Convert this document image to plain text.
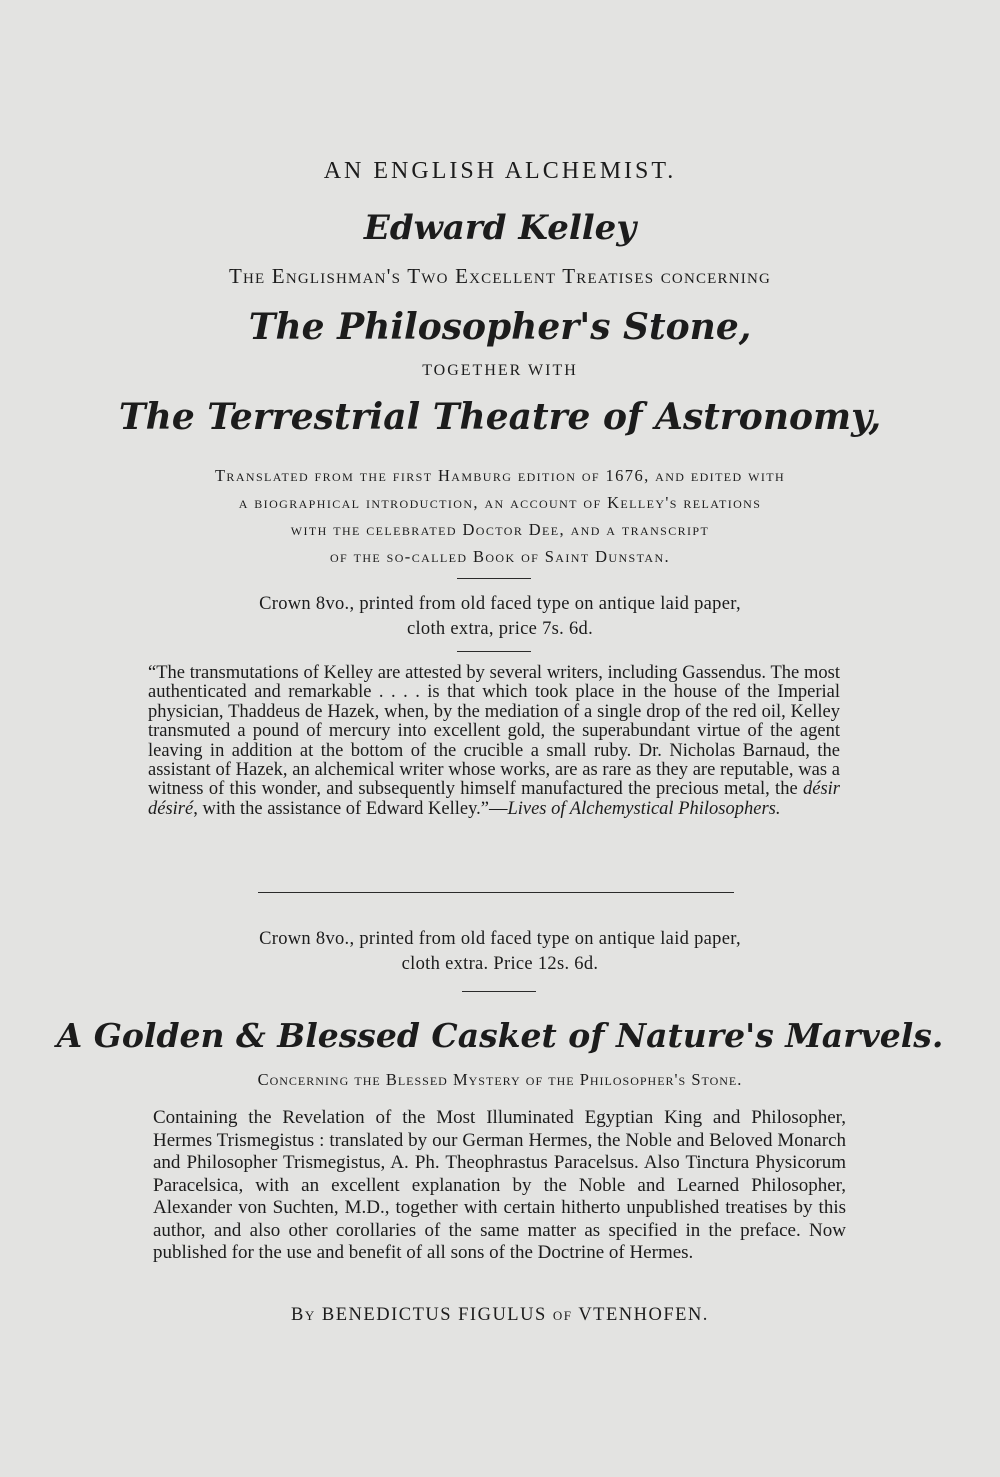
AN ENGLISH ALCHEMIST.

Edward Kelley

The Englishman's Two Excellent Treatises concerning

The Philosopher's Stone,

TOGETHER WITH

The Terrestrial Theatre of Astronomy,

Translated from the first Hamburg edition of 1676, and edited with
a biographical introduction, an account of Kelley's relations
with the celebrated Doctor Dee, and a transcript
of the so-called Book of Saint Dunstan.
Crown 8vo., printed from old faced type on antique laid paper,
cloth extra, price 7s. 6d.

“The transmutations of Kelley are attested by several writers, including Gassendus. The most authenticated and remarkable . . . . is that which took place in the house of the Imperial physician, Thaddeus de Hazek, when, by the mediation of a single drop of the red oil, Kelley transmuted a pound of mercury into excellent gold, the superabundant virtue of the agent leaving in addition at the bottom of the crucible a small ruby. Dr. Nicholas Barnaud, the assistant of Hazek, an alchemical writer whose works, are as rare as they are reputable, was a witness of this wonder, and subsequently himself manufactured the precious metal, the désir désiré, with the assistance of Edward Kelley.”—Lives of Alchemystical Philosophers.

Crown 8vo., printed from old faced type on antique laid paper,
cloth extra. Price 12s. 6d.

A Golden & Blessed Casket of Nature's Marvels.

Concerning the Blessed Mystery of the Philosopher's Stone.

Containing the Revelation of the Most Illuminated Egyptian King and Philosopher, Hermes Trismegistus : translated by our German Hermes, the Noble and Beloved Monarch and Philosopher Trismegistus, A. Ph. Theophrastus Paracelsus. Also Tinctura Physicorum Paracelsica, with an excellent explanation by the Noble and Learned Philosopher, Alexander von Suchten, M.D., together with certain hitherto unpublished treatises by this author, and also other corollaries of the same matter as specified in the preface. Now published for the use and benefit of all sons of the Doctrine of Hermes.

By BENEDICTUS FIGULUS of VTENHOFEN.
